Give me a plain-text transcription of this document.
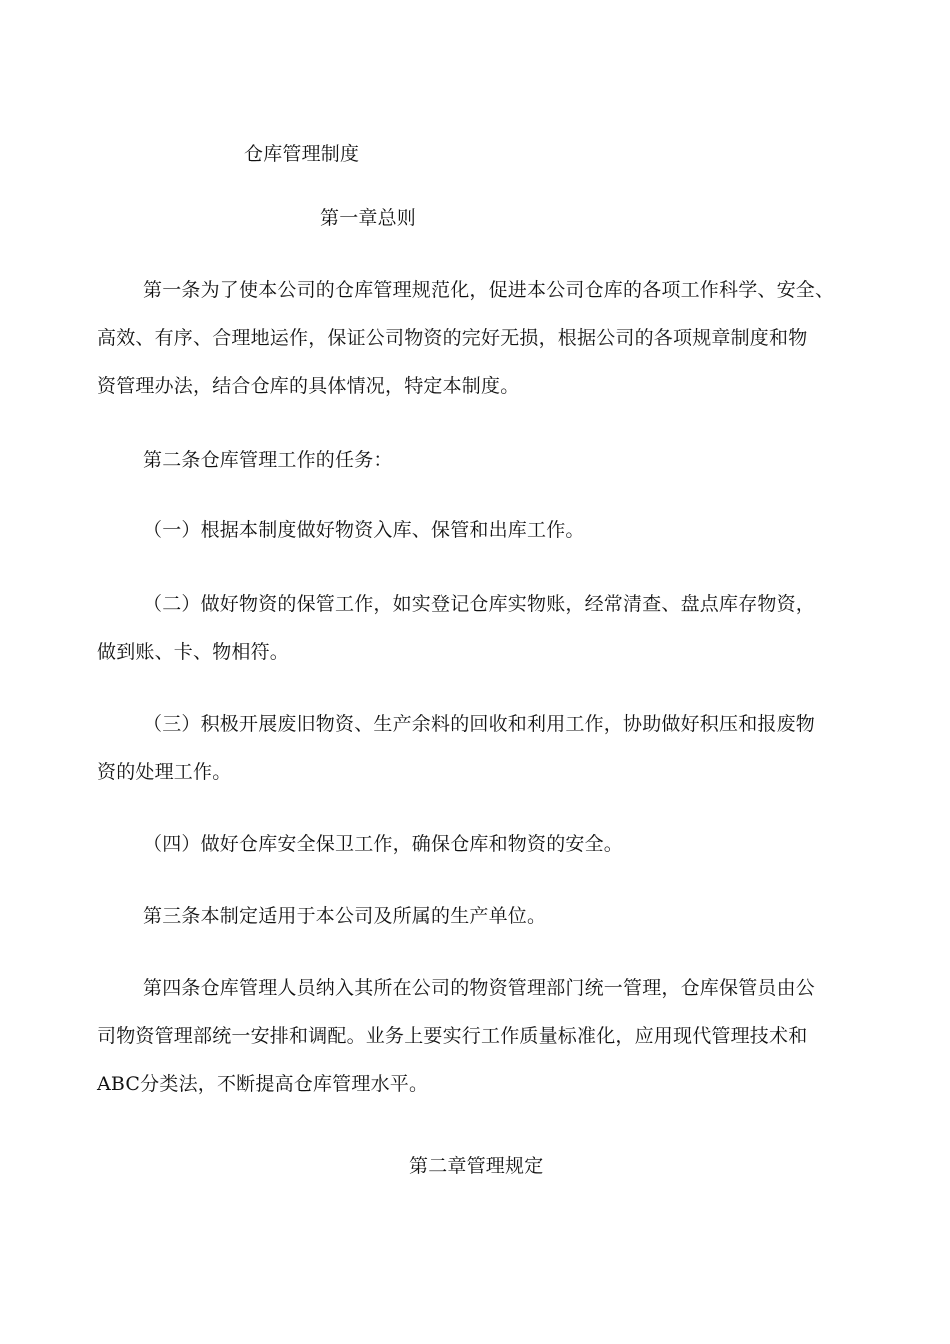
仓库管理制度
第一章总则

第一条为了使本公司的仓库管理规范化，促进本公司仓库的各项工作科学、安全、

高效、有序、合理地运作，保证公司物资的完好无损，根据公司的各项规章制度和物

资管理办法，结合仓库的具体情况，特定本制度。

第二条仓库管理工作的任务：

（一）根据本制度做好物资入库、保管和出库工作。

（二）做好物资的保管工作，如实登记仓库实物账，经常清查、盘点库存物资，

做到账、卡、物相符。

（三）积极开展废旧物资、生产余料的回收和利用工作，协助做好积压和报废物

资的处理工作。

（四）做好仓库安全保卫工作，确保仓库和物资的安全。

第三条本制定适用于本公司及所属的生产单位。

第四条仓库管理人员纳入其所在公司的物资管理部门统一管理，仓库保管员由公

司物资管理部统一安排和调配。业务上要实行工作质量标准化，应用现代管理技术和

ABC分类法，不断提高仓库管理水平。

第二章管理规定
